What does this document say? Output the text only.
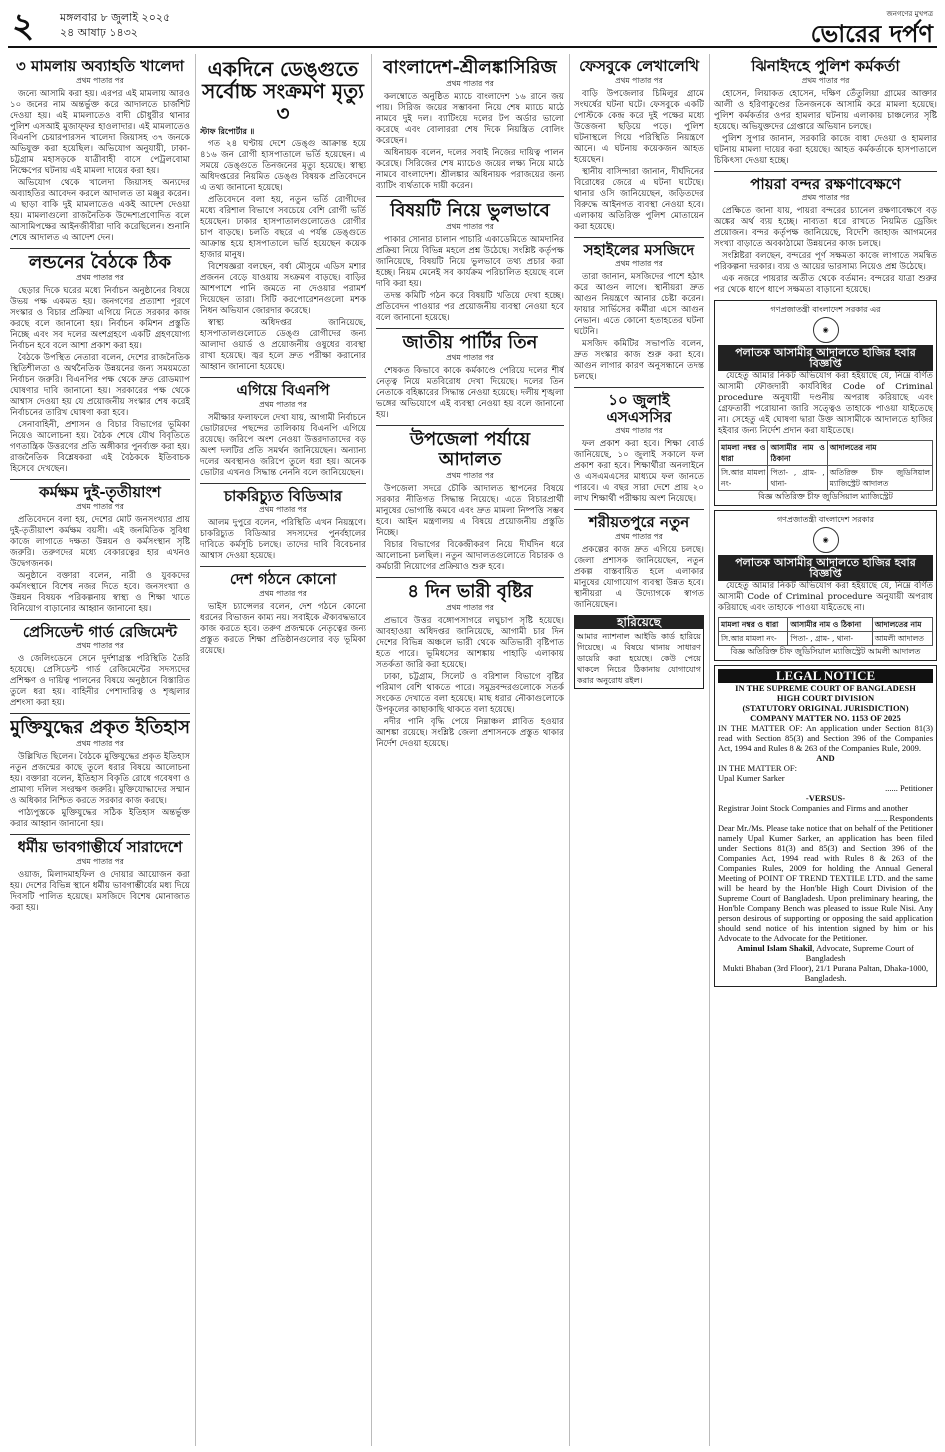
২ মঙ্গলবার ৮ জুলাই ২০২৫
২৪ আষাঢ় ১৪৩২
জনগণের মুখপত্র
ভোরের দর্পণ
৩ মামলায় অব্যাহতি খালেদা
প্রথম পাতার পর

জন্যে আসামি করা হয়। এরপর এই মামলায় আরও ১০ জনের নাম অন্তর্ভুক্ত করে আদালতে চার্জশিট দেওয়া হয়। এই মামলাতেও বাদী চৌধুরীর থানার পুলিশ এসআই মুজাফ্ফর হাওলাদার। এই মামলাতেও বিএনপি চেয়ারপারসন খালেদা জিয়াসহ ৩৭ জনকে অভিযুক্ত করা হয়েছিল। অভিযোগ অনুযায়ী, ঢাকা-চট্টগ্রাম মহাসড়কে যাত্রীবাহী বাসে পেট্রলবোমা নিক্ষেপের ঘটনায় এই মামলা দায়ের করা হয়।

অভিযোগ থেকে খালেদা জিয়াসহ অন্যদের অব্যাহতির আবেদন করলে আদালত তা মঞ্জুর করেন। এ ছাড়া বাকি দুই মামলাতেও একই আদেশ দেওয়া হয়। মামলাগুলো রাজনৈতিক উদ্দেশ্যপ্রণোদিত বলে আসামিপক্ষের আইনজীবীরা দাবি করেছিলেন। শুনানি শেষে আদালত এ আদেশ দেন।

লন্ডনের বৈঠকে ঠিক
প্রথম পাতার পর

ছেড়ার দিকে ঘরের মধ্যে নির্বাচন অনুষ্ঠানের বিষয়ে উভয় পক্ষ একমত হয়। জনগণের প্রত্যাশা পূরণে সংস্কার ও বিচার প্রক্রিয়া এগিয়ে নিতে সরকার কাজ করছে বলে জানানো হয়। নির্বাচন কমিশন প্রস্তুতি নিচ্ছে এবং সব দলের অংশগ্রহণে একটি গ্রহণযোগ্য নির্বাচন হবে বলে আশা প্রকাশ করা হয়।

বৈঠকে উপস্থিত নেতারা বলেন, দেশের রাজনৈতিক স্থিতিশীলতা ও অর্থনৈতিক উন্নয়নের জন্য সময়মতো নির্বাচন জরুরি। বিএনপির পক্ষ থেকে দ্রুত রোডম্যাপ ঘোষণার দাবি জানানো হয়। সরকারের পক্ষ থেকে আশ্বাস দেওয়া হয় যে প্রয়োজনীয় সংস্কার শেষ করেই নির্বাচনের তারিখ ঘোষণা করা হবে।

সেনাবাহিনী, প্রশাসন ও বিচার বিভাগের ভূমিকা নিয়েও আলোচনা হয়। বৈঠক শেষে যৌথ বিবৃতিতে গণতান্ত্রিক উত্তরণের প্রতি অঙ্গীকার পুনর্ব্যক্ত করা হয়। রাজনৈতিক বিশ্লেষকরা এই বৈঠককে ইতিবাচক হিসেবে দেখছেন।

কর্মক্ষম দুই-তৃতীয়াংশ
প্রথম পাতার পর

প্রতিবেদনে বলা হয়, দেশের মোট জনসংখ্যার প্রায় দুই-তৃতীয়াংশ কর্মক্ষম বয়সী। এই জনমিতিক সুবিধা কাজে লাগাতে দক্ষতা উন্নয়ন ও কর্মসংস্থান সৃষ্টি জরুরি। তরুণদের মধ্যে বেকারত্বের হার এখনও উদ্বেগজনক।

অনুষ্ঠানে বক্তারা বলেন, নারী ও যুবকদের কর্মসংস্থানে বিশেষ নজর দিতে হবে। জনসংখ্যা ও উন্নয়ন বিষয়ক পরিকল্পনায় স্বাস্থ্য ও শিক্ষা খাতে বিনিয়োগ বাড়ানোর আহ্বান জানানো হয়।

প্রেসিডেন্ট গার্ড রেজিমেন্ট
প্রথম পাতার পর

ও জেলিংডেনে সেনে দুর্দশাগ্রস্ত পরিস্থিতি তৈরি হয়েছে। প্রেসিডেন্ট গার্ড রেজিমেন্টের সদস্যদের প্রশিক্ষণ ও দায়িত্ব পালনের বিষয়ে অনুষ্ঠানে বিস্তারিত তুলে ধরা হয়। বাহিনীর পেশাদারিত্ব ও শৃঙ্খলার প্রশংসা করা হয়।

মুক্তিযুদ্ধের প্রকৃত ইতিহাস
প্রথম পাতার পর

উল্লিখিত ছিলেন। বৈঠকে মুক্তিযুদ্ধের প্রকৃত ইতিহাস নতুন প্রজন্মের কাছে তুলে ধরার বিষয়ে আলোচনা হয়। বক্তারা বলেন, ইতিহাস বিকৃতি রোধে গবেষণা ও প্রামাণ্য দলিল সংরক্ষণ জরুরি। মুক্তিযোদ্ধাদের সম্মান ও অধিকার নিশ্চিত করতে সরকার কাজ করছে।

পাঠ্যপুস্তকে মুক্তিযুদ্ধের সঠিক ইতিহাস অন্তর্ভুক্ত করার আহ্বান জানানো হয়।

ধর্মীয় ভাবগাম্ভীর্যে সারাদেশে
প্রথম পাতার পর

ওয়াজ, মিলাদমাহফিল ও দোয়ার আয়োজন করা হয়। দেশের বিভিন্ন স্থানে ধর্মীয় ভাবগাম্ভীর্যের মধ্য দিয়ে দিবসটি পালিত হয়েছে। মসজিদে বিশেষ মোনাজাত করা হয়।

একদিনে ডেঙ্গুতে সর্বোচ্চ সংক্রমণ মৃত্যু ৩
স্টাফ রিপোর্টার ॥

গত ২৪ ঘণ্টায় দেশে ডেঙ্গু আক্রান্ত হয়ে ৪১৬ জন রোগী হাসপাতালে ভর্তি হয়েছেন। এ সময়ে ডেঙ্গুতে তিনজনের মৃত্যু হয়েছে। স্বাস্থ্য অধিদপ্তরের নিয়মিত ডেঙ্গু বিষয়ক প্রতিবেদনে এ তথ্য জানানো হয়েছে।

প্রতিবেদনে বলা হয়, নতুন ভর্তি রোগীদের মধ্যে বরিশাল বিভাগে সবচেয়ে বেশি রোগী ভর্তি হয়েছেন। ঢাকার হাসপাতালগুলোতেও রোগীর চাপ বাড়ছে। চলতি বছরে এ পর্যন্ত ডেঙ্গুতে আক্রান্ত হয়ে হাসপাতালে ভর্তি হয়েছেন কয়েক হাজার মানুষ।

বিশেষজ্ঞরা বলছেন, বর্ষা মৌসুমে এডিস মশার প্রজনন বেড়ে যাওয়ায় সংক্রমণ বাড়ছে। বাড়ির আশপাশে পানি জমতে না দেওয়ার পরামর্শ দিয়েছেন তারা। সিটি করপোরেশনগুলো মশক নিধন অভিযান জোরদার করেছে।

স্বাস্থ্য অধিদপ্তর জানিয়েছে, হাসপাতালগুলোতে ডেঙ্গু রোগীদের জন্য আলাদা ওয়ার্ড ও প্রয়োজনীয় ওষুধের ব্যবস্থা রাখা হয়েছে। জ্বর হলে দ্রুত পরীক্ষা করানোর আহ্বান জানানো হয়েছে।

এগিয়ে বিএনপি
প্রথম পাতার পর

সমীক্ষার ফলাফলে দেখা যায়, আগামী নির্বাচনে ভোটারদের পছন্দের তালিকায় বিএনপি এগিয়ে রয়েছে। জরিপে অংশ নেওয়া উত্তরদাতাদের বড় অংশ দলটির প্রতি সমর্থন জানিয়েছেন। অন্যান্য দলের অবস্থানও জরিপে তুলে ধরা হয়। অনেক ভোটার এখনও সিদ্ধান্ত নেননি বলে জানিয়েছেন।

চাকরিচ্যুত বিডিআর
প্রথম পাতার পর

আলম দুপুরে বলেন, পরিস্থিতি এখন নিয়ন্ত্রণে। চাকরিচ্যুত বিডিআর সদস্যদের পুনর্বহালের দাবিতে কর্মসূচি চলছে। তাদের দাবি বিবেচনার আশ্বাস দেওয়া হয়েছে।

দেশ গঠনে কোনো
প্রথম পাতার পর

ভাইস চ্যান্সেলর বলেন, দেশ গঠনে কোনো ধরনের বিভাজন কাম্য নয়। সবাইকে ঐক্যবদ্ধভাবে কাজ করতে হবে। তরুণ প্রজন্মকে নেতৃত্বের জন্য প্রস্তুত করতে শিক্ষা প্রতিষ্ঠানগুলোর বড় ভূমিকা রয়েছে।

বাংলাদেশ-শ্রীলঙ্কাসিরিজ
প্রথম পাতার পর

কলম্বোতে অনুষ্ঠিত ম্যাচে বাংলাদেশ ১৬ রানে জয় পায়। সিরিজ জয়ের সম্ভাবনা নিয়ে শেষ ম্যাচে মাঠে নামবে দুই দল। ব্যাটিংয়ে দলের টপ অর্ডার ভালো করেছে এবং বোলাররা শেষ দিকে নিয়ন্ত্রিত বোলিং করেছেন।

অধিনায়ক বলেন, দলের সবাই নিজের দায়িত্ব পালন করেছে। সিরিজের শেষ ম্যাচেও জয়ের লক্ষ্য নিয়ে মাঠে নামবে বাংলাদেশ। শ্রীলঙ্কার অধিনায়ক পরাজয়ের জন্য ব্যাটিং ব্যর্থতাকে দায়ী করেন।

বিষয়টি নিয়ে ভুলভাবে
প্রথম পাতার পর

পাকার সোনার চালান পাচারি একাডেমিতে আমদানির প্রক্রিয়া নিয়ে বিভিন্ন মহলে প্রশ্ন উঠেছে। সংশ্লিষ্ট কর্তৃপক্ষ জানিয়েছে, বিষয়টি নিয়ে ভুলভাবে তথ্য প্রচার করা হচ্ছে। নিয়ম মেনেই সব কার্যক্রম পরিচালিত হয়েছে বলে দাবি করা হয়।

তদন্ত কমিটি গঠন করে বিষয়টি খতিয়ে দেখা হচ্ছে। প্রতিবেদন পাওয়ার পর প্রয়োজনীয় ব্যবস্থা নেওয়া হবে বলে জানানো হয়েছে।

জাতীয় পার্টির তিন
প্রথম পাতার পর

শেষকত কিভাবে কাকে কর্মকাণ্ডে পেরিয়ে দলের শীর্ষ নেতৃত্ব নিয়ে মতবিরোধ দেখা দিয়েছে। দলের তিন নেতাকে বহিষ্কারের সিদ্ধান্ত নেওয়া হয়েছে। দলীয় শৃঙ্খলা ভঙ্গের অভিযোগে এই ব্যবস্থা নেওয়া হয় বলে জানানো হয়।

উপজেলা পর্যায়ে আদালত
প্রথম পাতার পর

উপজেলা সদরে চৌকি আদালত স্থাপনের বিষয়ে সরকার নীতিগত সিদ্ধান্ত নিয়েছে। এতে বিচারপ্রার্থী মানুষের ভোগান্তি কমবে এবং দ্রুত মামলা নিষ্পত্তি সম্ভব হবে। আইন মন্ত্রণালয় এ বিষয়ে প্রয়োজনীয় প্রস্তুতি নিচ্ছে।

বিচার বিভাগের বিকেন্দ্রীকরণ নিয়ে দীর্ঘদিন ধরে আলোচনা চলছিল। নতুন আদালতগুলোতে বিচারক ও কর্মচারী নিয়োগের প্রক্রিয়াও শুরু হবে।

৪ দিন ভারী বৃষ্টির
প্রথম পাতার পর

প্রভাবে উত্তর বঙ্গোপসাগরে লঘুচাপ সৃষ্টি হয়েছে। আবহাওয়া অধিদপ্তর জানিয়েছে, আগামী চার দিন দেশের বিভিন্ন অঞ্চলে ভারী থেকে অতিভারী বৃষ্টিপাত হতে পারে। ভূমিধসের আশঙ্কায় পাহাড়ি এলাকায় সতর্কতা জারি করা হয়েছে।

ঢাকা, চট্টগ্রাম, সিলেট ও বরিশাল বিভাগে বৃষ্টির পরিমাণ বেশি থাকতে পারে। সমুদ্রবন্দরগুলোকে সতর্ক সংকেত দেখাতে বলা হয়েছে। মাছ ধরার নৌকাগুলোকে উপকূলের কাছাকাছি থাকতে বলা হয়েছে।

নদীর পানি বৃদ্ধি পেয়ে নিম্নাঞ্চল প্লাবিত হওয়ার আশঙ্কা রয়েছে। সংশ্লিষ্ট জেলা প্রশাসনকে প্রস্তুত থাকার নির্দেশ দেওয়া হয়েছে।

ফেসবুকে লেখালেখি
প্রথম পাতার পর

বাড়ি উপজেলার চিমিলুর গ্রামে সংঘর্ষের ঘটনা ঘটে। ফেসবুকে একটি পোস্টকে কেন্দ্র করে দুই পক্ষের মধ্যে উত্তেজনা ছড়িয়ে পড়ে। পুলিশ ঘটনাস্থলে গিয়ে পরিস্থিতি নিয়ন্ত্রণে আনে। এ ঘটনায় কয়েকজন আহত হয়েছেন।

স্থানীয় বাসিন্দারা জানান, দীর্ঘদিনের বিরোধের জেরে এ ঘটনা ঘটেছে। থানার ওসি জানিয়েছেন, জড়িতদের বিরুদ্ধে আইনগত ব্যবস্থা নেওয়া হবে। এলাকায় অতিরিক্ত পুলিশ মোতায়েন করা হয়েছে।

সহাইলের মসজিদে
প্রথম পাতার পর

তারা জানান, মসজিদের পাশে হঠাৎ করে আগুন লাগে। স্থানীয়রা দ্রুত আগুন নিয়ন্ত্রণে আনার চেষ্টা করেন। ফায়ার সার্ভিসের কর্মীরা এসে আগুন নেভান। এতে কোনো হতাহতের ঘটনা ঘটেনি।

মসজিদ কমিটির সভাপতি বলেন, দ্রুত সংস্কার কাজ শুরু করা হবে। আগুন লাগার কারণ অনুসন্ধানে তদন্ত চলছে।

১০ জুলাই এসএসসির
প্রথম পাতার পর

ফল প্রকাশ করা হবে। শিক্ষা বোর্ড জানিয়েছে, ১০ জুলাই সকালে ফল প্রকাশ করা হবে। শিক্ষার্থীরা অনলাইনে ও এসএমএসের মাধ্যমে ফল জানতে পারবে। এ বছর সারা দেশে প্রায় ২০ লাখ শিক্ষার্থী পরীক্ষায় অংশ নিয়েছে।

শরীয়তপুরে নতুন
প্রথম পাতার পর

প্রকল্পের কাজ দ্রুত এগিয়ে চলছে। জেলা প্রশাসক জানিয়েছেন, নতুন প্রকল্প বাস্তবায়িত হলে এলাকার মানুষের যোগাযোগ ব্যবস্থা উন্নত হবে। স্থানীয়রা এ উদ্যোগকে স্বাগত জানিয়েছেন।

হারিয়েছে

আমার ন্যাশনাল আইডি কার্ড হারিয়ে গিয়েছে। এ বিষয়ে থানায় সাধারণ ডায়েরি করা হয়েছে। কেউ পেয়ে থাকলে নিচের ঠিকানায় যোগাযোগ করার অনুরোধ রইল।

ঝিনাইদহে পুলিশ কর্মকর্তা
প্রথম পাতার পর

হোসেন, লিয়াকত হোসেন, দক্ষিণ তেঁতুলিয়া গ্রামের আক্তার আলী ও হরিণাকুণ্ডের তিনজনকে আসামি করে মামলা হয়েছে। পুলিশ কর্মকর্তার ওপর হামলার ঘটনায় এলাকায় চাঞ্চল্যের সৃষ্টি হয়েছে। অভিযুক্তদের গ্রেপ্তারে অভিযান চলছে।

পুলিশ সুপার জানান, সরকারি কাজে বাধা দেওয়া ও হামলার ঘটনায় মামলা দায়ের করা হয়েছে। আহত কর্মকর্তাকে হাসপাতালে চিকিৎসা দেওয়া হচ্ছে।

পায়রা বন্দর রক্ষণাবেক্ষণে
প্রথম পাতার পর

প্রেক্ষিতে জানা যায়, পায়রা বন্দরের চ্যানেল রক্ষণাবেক্ষণে বড় অঙ্কের অর্থ ব্যয় হচ্ছে। নাব্যতা ধরে রাখতে নিয়মিত ড্রেজিং প্রয়োজন। বন্দর কর্তৃপক্ষ জানিয়েছে, বিদেশি জাহাজ আগমনের সংখ্যা বাড়াতে অবকাঠামো উন্নয়নের কাজ চলছে।

সংশ্লিষ্টরা বলছেন, বন্দরের পূর্ণ সক্ষমতা কাজে লাগাতে সমন্বিত পরিকল্পনা দরকার। ব্যয় ও আয়ের ভারসাম্য নিয়েও প্রশ্ন উঠেছে।

এক নজরে পায়রার অতীত থেকে বর্তমান: বন্দরের যাত্রা শুরুর পর থেকে ধাপে ধাপে সক্ষমতা বাড়ানো হয়েছে।

গণপ্রজাতন্ত্রী বাংলাদেশ সরকার এর
◉
পলাতক আসামীর আদালতে হাজির হবার বিজ্ঞপ্তি

যেহেতু আমার নিকট অভিযোগ করা হইয়াছে যে, নিম্নে বর্ণিত আসামী ফৌজদারী কার্যবিধির Code of Criminal procedure অনুযায়ী দণ্ডনীয় অপরাধ করিয়াছে এবং গ্রেফতারী পরোয়ানা জারি সত্ত্বেও তাহাকে পাওয়া যাইতেছে না। সেহেতু এই ঘোষণা দ্বারা উক্ত আসামীকে আদালতে হাজির হইবার জন্য নির্দেশ প্রদান করা যাইতেছে।

মামলা নম্বর ও ধারা	আসামীর নাম ও ঠিকানা	আদালতের নাম
সি.আর মামলা নং-	পিতা- , গ্রাম- , থানা-	অতিরিক্ত চীফ জুডিসিয়াল ম্যাজিস্ট্রেট আদালত
বিজ্ঞ অতিরিক্ত চীফ জুডিসিয়াল ম্যাজিস্ট্রেট
গণপ্রজাতন্ত্রী বাংলাদেশ সরকার
◉
পলাতক আসামীর আদালতে হাজির হবার বিজ্ঞপ্তি

যেহেতু আমার নিকট অভিযোগ করা হইয়াছে যে, নিম্নে বর্ণিত আসামী Code of Criminal procedure অনুযায়ী অপরাধ করিয়াছে এবং তাহাকে পাওয়া যাইতেছে না।

মামলা নম্বর ও ধারা	আসামীর নাম ও ঠিকানা	আদালতের নাম
সি.আর মামলা নং-	পিতা- , গ্রাম- , থানা-	আমলী আদালত
বিজ্ঞ অতিরিক্ত চীফ জুডিসিয়াল ম্যাজিস্ট্রেট আমলী আদালত
LEGAL NOTICE
IN THE SUPREME COURT OF BANGLADESH
HIGH COURT DIVISION
(STATUTORY ORIGINAL JURISDICTION)
COMPANY MATTER NO. 1153 OF 2025
IN THE MATTER OF: An application under Section 81(3) read with Section 85(3) and Section 396 of the Companies Act, 1994 and Rules 8 & 263 of the Companies Rule, 2009.
AND
IN THE MATTER OF:
Upal Kumer Sarker
...... Petitioner
-VERSUS-
Registrar Joint Stock Companies and Firms and another
...... Respondents
Dear Mr./Ms. Please take notice that on behalf of the Petitioner namely Upal Kumer Sarker, an application has been filed under Sections 81(3) and 85(3) and Section 396 of the Companies Act, 1994 read with Rules 8 & 263 of the Companies Rules, 2009 for holding the Annual General Meeting of POINT OF TREND TEXTILE LTD. and the same will be heard by the Hon'ble High Court Division of the Supreme Court of Bangladesh. Upon preliminary hearing, the Hon'ble Company Bench was pleased to issue Rule Nisi. Any person desirous of supporting or opposing the said application should send notice of his intention signed by him or his Advocate to the Advocate for the Petitioner.
Aminul Islam Shakil, Advocate, Supreme Court of Bangladesh
Mukti Bhaban (3rd Floor), 21/1 Purana Paltan, Dhaka-1000, Bangladesh.
